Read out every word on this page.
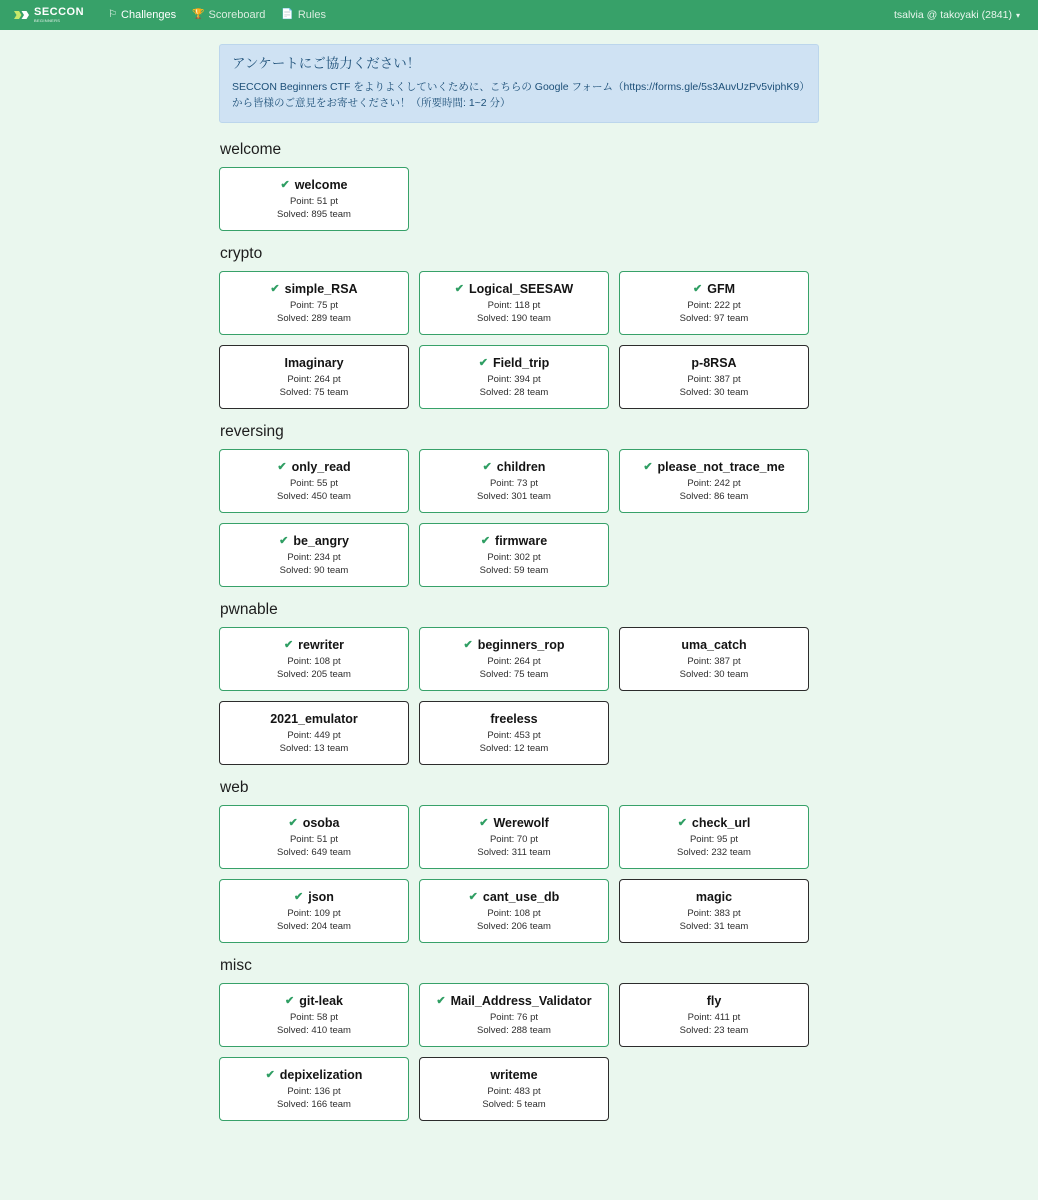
SECCON
BEGINNERS
⚐ Challenges 🏆 Scoreboard 📄 Rules	tsalvia @ takoyaki (2841) ▾
アンケートにご協力ください！
SECCON Beginners CTF をよりよくしていくために、こちらの Google フォーム（https://forms.gle/5s3AuvUzPv5viphK9）から皆様のご意見をお寄せください！（所要時間: 1~2 分）
welcome
✔ welcome
Point: 51 pt
Solved: 895 team
crypto
✔ simple_RSA
Point: 75 pt
Solved: 289 team
✔ Logical_SEESAW
Point: 118 pt
Solved: 190 team
✔ GFM
Point: 222 pt
Solved: 97 team
Imaginary
Point: 264 pt
Solved: 75 team
✔ Field_trip
Point: 394 pt
Solved: 28 team
p-8RSA
Point: 387 pt
Solved: 30 team
reversing
✔ only_read
Point: 55 pt
Solved: 450 team
✔ children
Point: 73 pt
Solved: 301 team
✔ please_not_trace_me
Point: 242 pt
Solved: 86 team
✔ be_angry
Point: 234 pt
Solved: 90 team
✔ firmware
Point: 302 pt
Solved: 59 team
pwnable
✔ rewriter
Point: 108 pt
Solved: 205 team
✔ beginners_rop
Point: 264 pt
Solved: 75 team
uma_catch
Point: 387 pt
Solved: 30 team
2021_emulator
Point: 449 pt
Solved: 13 team
freeless
Point: 453 pt
Solved: 12 team
web
✔ osoba
Point: 51 pt
Solved: 649 team
✔ Werewolf
Point: 70 pt
Solved: 311 team
✔ check_url
Point: 95 pt
Solved: 232 team
✔ json
Point: 109 pt
Solved: 204 team
✔ cant_use_db
Point: 108 pt
Solved: 206 team
magic
Point: 383 pt
Solved: 31 team
misc
✔ git-leak
Point: 58 pt
Solved: 410 team
✔ Mail_Address_Validator
Point: 76 pt
Solved: 288 team
fly
Point: 411 pt
Solved: 23 team
✔ depixelization
Point: 136 pt
Solved: 166 team
writeme
Point: 483 pt
Solved: 5 team
